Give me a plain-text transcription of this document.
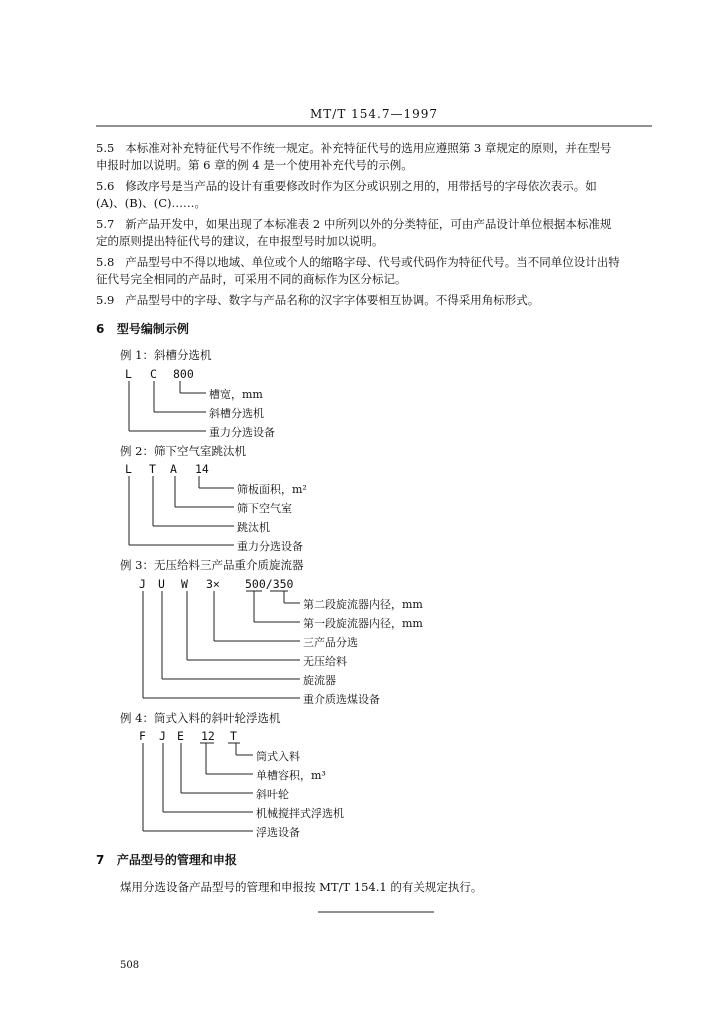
MT/T 154.7—1997
5.5 本标准对补充特征代号不作统一规定。补充特征代号的选用应遵照第 3 章规定的原则，并在型号
申报时加以说明。第 6 章的例 4 是一个使用补充代号的示例。
5.6 修改序号是当产品的设计有重要修改时作为区分或识别之用的，用带括号的字母依次表示。如
(A)、(B)、(C)……。
5.7 新产品开发中，如果出现了本标准表 2 中所列以外的分类特征，可由产品设计单位根据本标准规
定的原则提出特征代号的建议，在申报型号时加以说明。
5.8 产品型号中不得以地域、单位或个人的缩略字母、代号或代码作为特征代号。当不同单位设计出特
征代号完全相同的产品时，可采用不同的商标作为区分标记。
5.9 产品型号中的字母、数字与产品名称的汉字字体要相互协调。不得采用角标形式。
6 型号编制示例
例 1：斜槽分选机
L C 800
槽宽，mm
斜槽分选机
重力分选设备
例 2：筛下空气室跳汰机
L T A 14
筛板面积，m²
筛下空气室
跳汰机
重力分选设备
例 3：无压给料三产品重介质旋流器
J U W 3× 500/350
第二段旋流器内径，mm
第一段旋流器内径，mm
三产品分选
无压给料
旋流器
重介质选煤设备
例 4：筒式入料的斜叶轮浮选机
F J E 12 T
筒式入料
单槽容积，m³
斜叶轮
机械搅拌式浮选机
浮选设备
7 产品型号的管理和申报
煤用分选设备产品型号的管理和申报按 MT/T 154.1 的有关规定执行。
508
